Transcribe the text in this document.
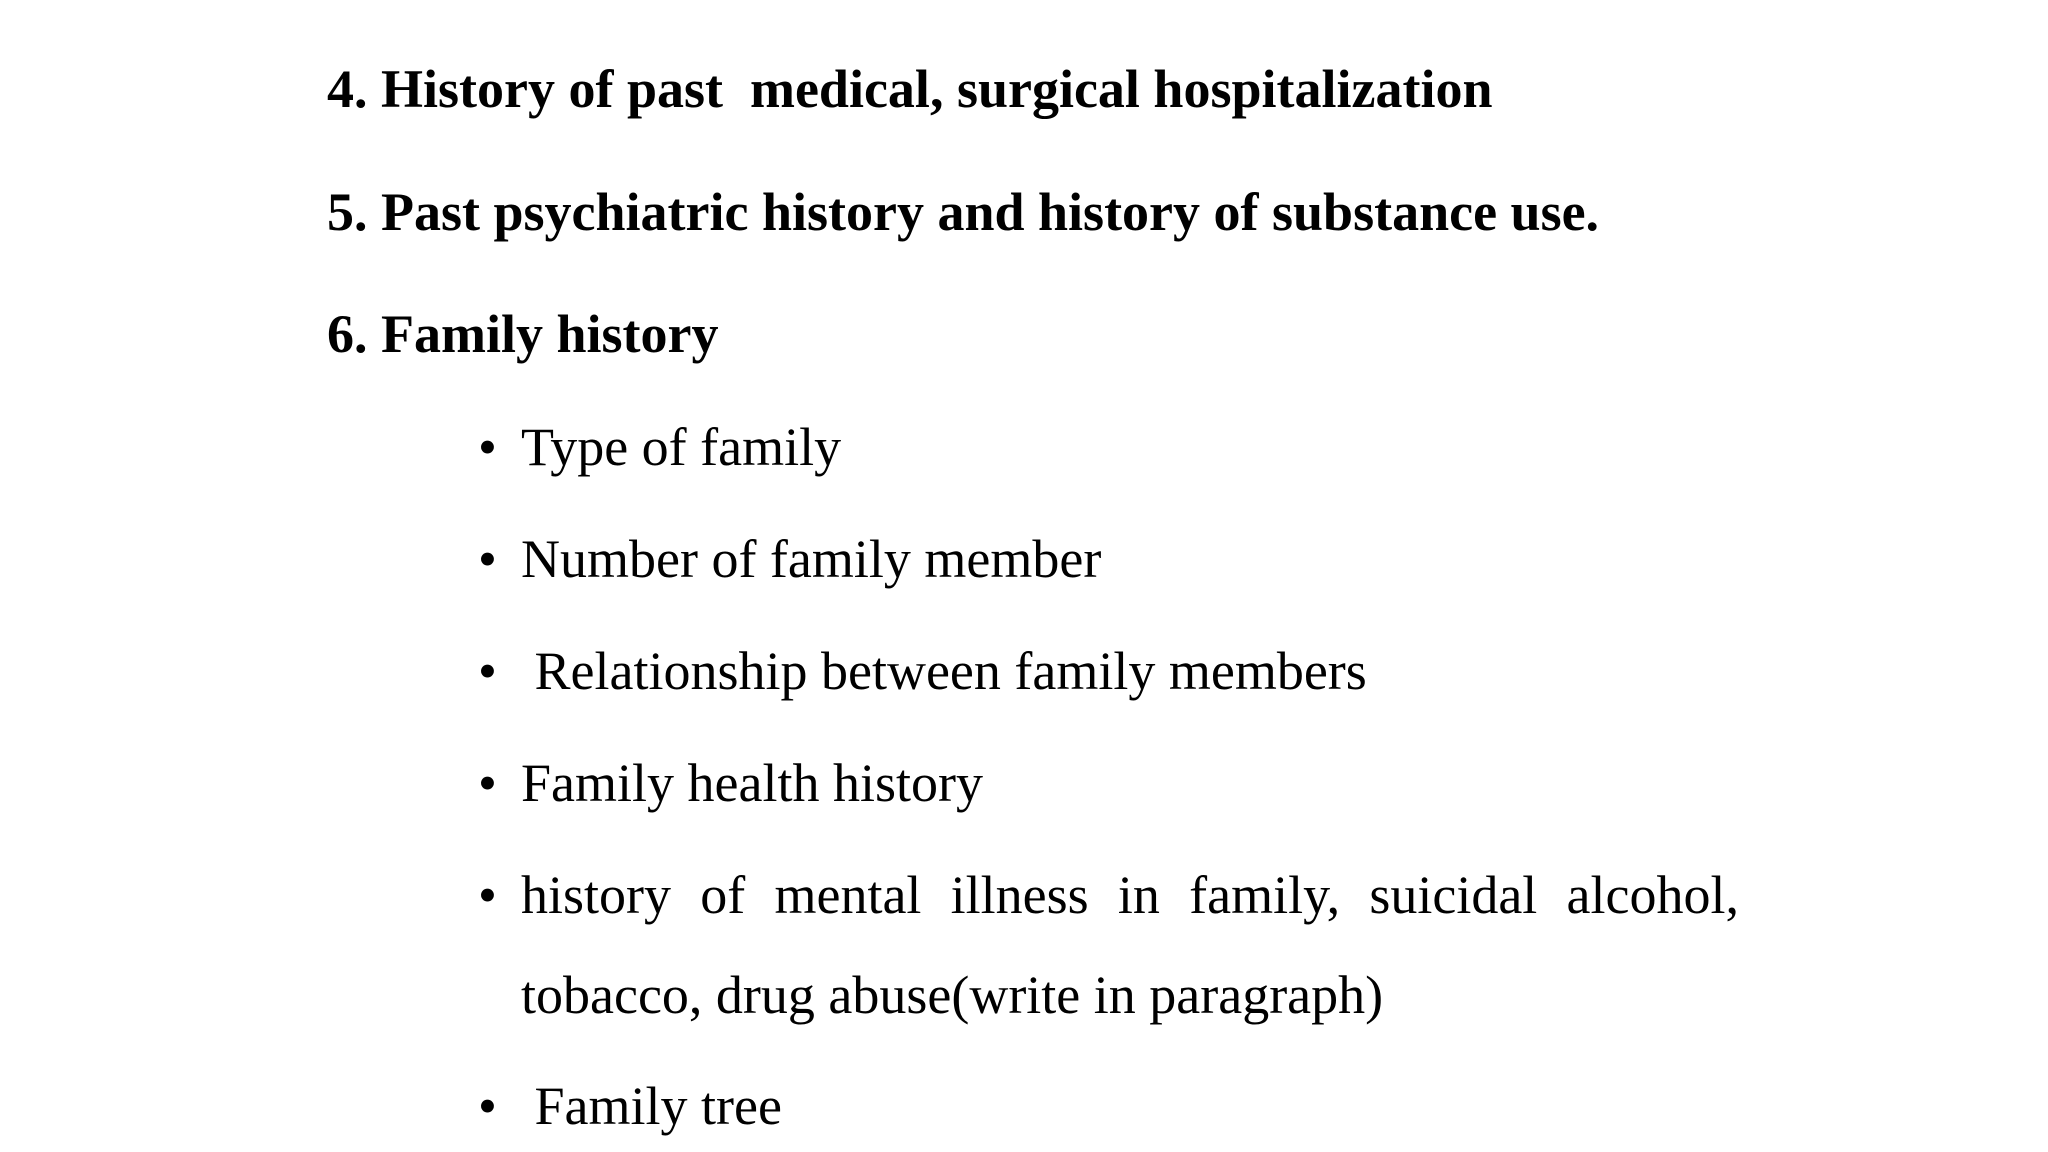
4. History of past  medical, surgical hospitalization
5. Past psychiatric history and history of substance use.
6. Family history
• Type of family
• Number of family member
• Relationship between family members
• Family health history
• history of mental illness in family, suicidal alcohol,
tobacco, drug abuse(write in paragraph)
• Family tree
